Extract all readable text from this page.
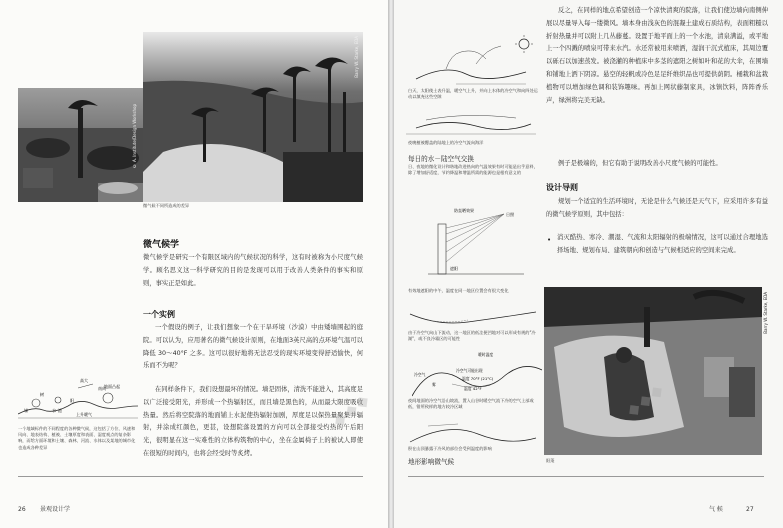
© A. Institute/Design Workshop
Barry W. Starke, EDA
微气候不同所造成的差异
微气候学

微气候学是研究一个有限区域内的气候状况的科学，这有时被称为小尺度气候学。顾名思义这一科学研究的目的是发现可以用于改善人类条件的事实和原则，事实正是如此。

一个实例

一个假设的例子，让我们想象一个在干旱环境（沙漠）中由矮墙围起的庭院。可以认为，应用著名的微气候设计原则，在地面3英尺高的点环境气温可以降低 30～40°F 之多。这可以很好地将无法忍受的现实环境变得舒适愉快，何乐而不为呢？

在同样条件下，我们设想最坏的情况。墙是固体，清洗不能进入，其高度足以广泛接受阳光，并形成一个热辐射区，而且墙是黑色的，从而最大限度吸收热量。然后将空院落的地面铺上水泥使热辐射加剧，厚度足以保热量聚集并辐射，并涂成红颜色，更甚，设想院落设置的方向可以全部接受灼热的午后阳光，很明显在这一实难性的立体构筑物的中心，坐在金属椅子上的被试人即使在很短的时间内，也将会经受时等炙烤。

高大
南向
墙
树
水 池
阳
上升暖气
地面凸起
一个地域标件的不同程度的各种微气候，这包括了方位、风速和风向、地表结构、植被、土壤厚度和表面、湿度观点的复杂影响，而给方面环境和土壤、森林、河流、水体以及某地的城市化也造成各种差异
26 景观设计学
◆◆◆
白天，太阳使土表升温，暖空气上升，并向上水体的冷空气和向四处运动以填充这些空隙
夜晚植被覆盖的陆地上的冷空气流向海洋
每日的水－陆空气交换
日、夜地的微化设计和谐地改进热向的气温效果有时可能是出乎意料，除了增加舒适度，节约降温和增温所需的能源也是根有意义的
防直晒效果
日照
遮阳
有效地遮阳的中午，温度在同一地区位置会有很大变化
由于冷空气向山下流动，这一地区的低洼便凹地对可以形成有规的"冷湖"，或不良冷霜区的可能性
暖时温度
冷空气
雾
冷空气可能出现
温度 70°F (21°C)
温度 42°F
夜间地面的冷空气沿山坡流，置入山谷时暖空气流下冷的空气上部或低，错所致样的地方较冷区域
积在山顶暴露于冷风的部位会受到温度的影响
地形影响微气候

反之，在同样的地点希望创造一个凉快清爽的院落，让我们使边墙向南侧伸展以尽量导入每一缕微风。墙本身由浅灰色的混凝土建成石质结构，表面粗糙以折射热量并可以附上几丛藤蔓。设置于地平面上的一个水池，清泉满溢，或平地上一个四溅的喷泉可带来水汽。水还常被用来喷洒，湿润干沉式植床，其周边覆以砾石以加速蒸发。被浇灌的种植床中多茎的遮阳之树如叶和花的大伞，在围墙和铺地上洒下阴凉。悬空的轻帆或冷色足足纤维织品也可提供荫阴。桶栽和盆栽植物可以增加绿色调和装饰趣味。再加上网状藤制家具，冰镇饮料，阵阵香乐声，绿洲将完美无缺。

例子是极端的，但它有助于说明改善小尺度气候的可能性。

设计导则

规划一个适宜的生活环境时，无论是什么气候还是天气下，应采用许多有益的微气候学原则，其中包括：

• 消灭酷热、寒冷、潮湿、气流和太阳辐射的极端情况，这可以通过合理地选择场地、规划布局、建筑朝向和创造与气候相适应的空间来完成。

Barry W. Starke, EDA
阳蓬
气 候	27
◆◆◆
